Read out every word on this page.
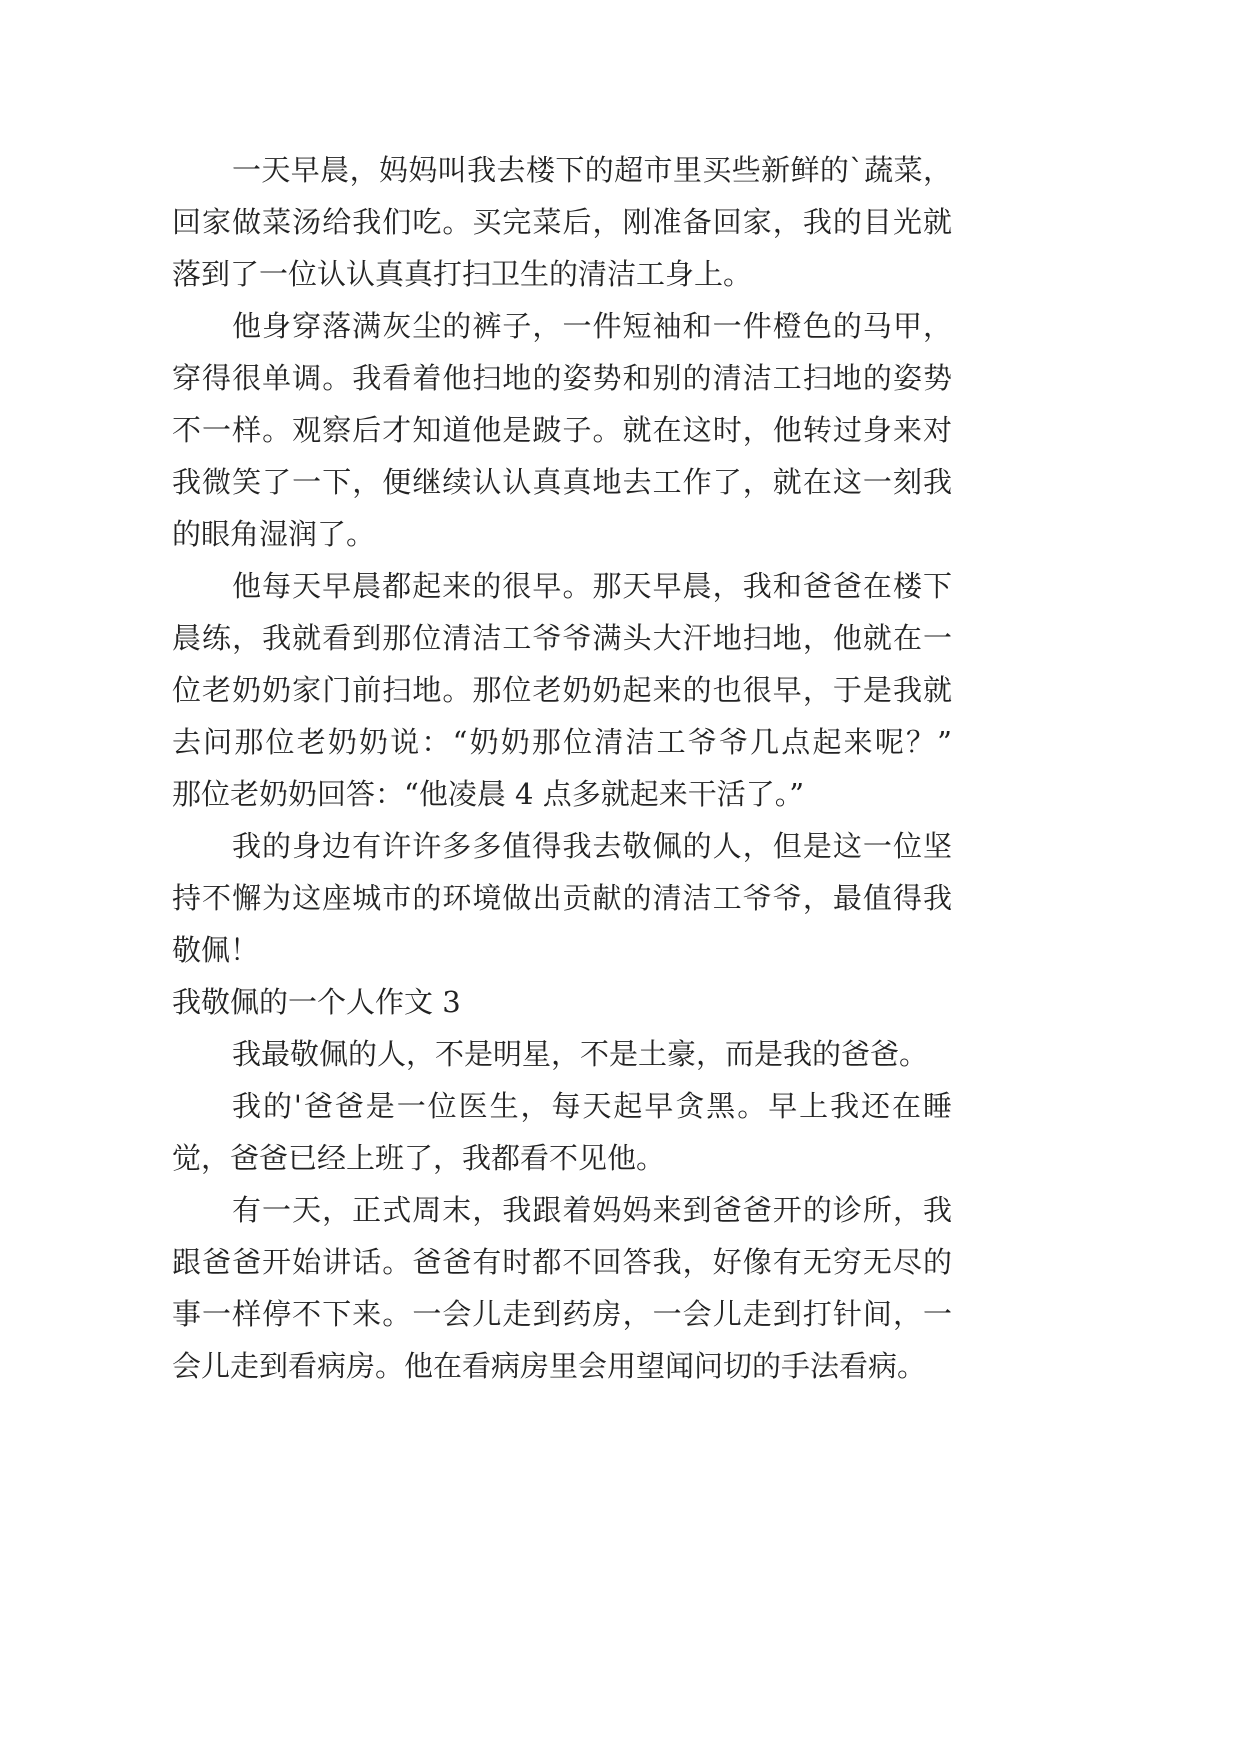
一天早晨，妈妈叫我去楼下的超市里买些新鲜的`蔬菜，
回家做菜汤给我们吃。买完菜后，刚准备回家，我的目光就
落到了一位认认真真打扫卫生的清洁工身上。
他身穿落满灰尘的裤子，一件短袖和一件橙色的马甲，
穿得很单调。我看着他扫地的姿势和别的清洁工扫地的姿势
不一样。观察后才知道他是跛子。就在这时，他转过身来对
我微笑了一下，便继续认认真真地去工作了，就在这一刻我
的眼角湿润了。
他每天早晨都起来的很早。那天早晨，我和爸爸在楼下
晨练，我就看到那位清洁工爷爷满头大汗地扫地，他就在一
位老奶奶家门前扫地。那位老奶奶起来的也很早，于是我就
去问那位老奶奶说：“奶奶那位清洁工爷爷几点起来呢？”
那位老奶奶回答：“他凌晨 4 点多就起来干活了。”
我的身边有许许多多值得我去敬佩的人，但是这一位坚
持不懈为这座城市的环境做出贡献的清洁工爷爷，最值得我
敬佩！
我敬佩的一个人作文 3
我最敬佩的人，不是明星，不是土豪，而是我的爸爸。
我的'爸爸是一位医生，每天起早贪黑。早上我还在睡
觉，爸爸已经上班了，我都看不见他。
有一天，正式周末，我跟着妈妈来到爸爸开的诊所，我
跟爸爸开始讲话。爸爸有时都不回答我，好像有无穷无尽的
事一样停不下来。一会儿走到药房，一会儿走到打针间，一
会儿走到看病房。他在看病房里会用望闻问切的手法看病。
